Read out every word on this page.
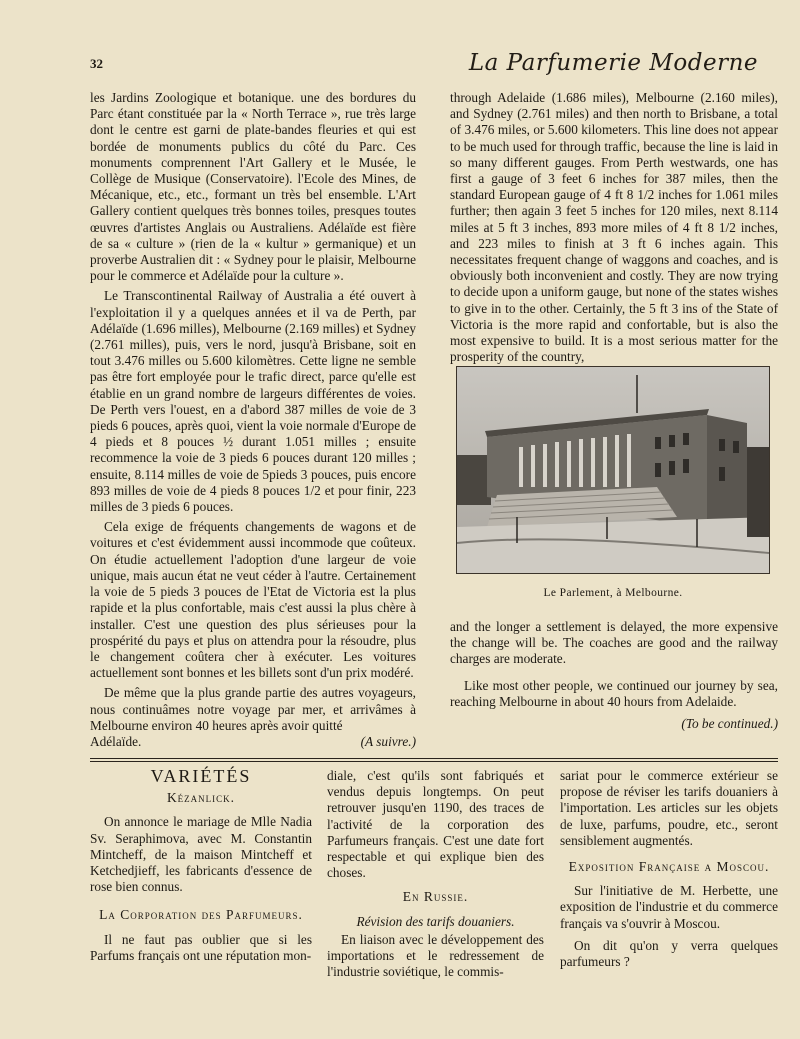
32	La Parfumerie Moderne

les Jardins Zoologique et botanique. une des bordures du Parc étant constituée par la « North Terrace », rue très large dont le centre est garni de plate-bandes fleuries et qui est bordée de monuments publics du côté du Parc. Ces monuments comprennent l'Art Gallery et le Musée, le Collège de Musique (Conservatoire). l'Ecole des Mines, de Mécanique, etc., etc., formant un très bel ensemble. L'Art Gallery contient quelques très bonnes toiles, presques toutes œuvres d'artistes Anglais ou Australiens. Adélaïde est fière de sa « culture » (rien de la « kultur » germanique) et un proverbe Australien dit : « Sydney pour le plaisir, Melbourne pour le commerce et Adélaïde pour la culture ».

Le Transcontinental Railway of Australia a été ouvert à l'exploitation il y a quelques années et il va de Perth, par Adélaïde (1.696 milles), Melbourne (2.169 milles) et Sydney (2.761 milles), puis, vers le nord, jusqu'à Brisbane, soit en tout 3.476 milles ou 5.600 kilomètres. Cette ligne ne semble pas être fort employée pour le trafic direct, parce qu'elle est établie en un grand nombre de largeurs différentes de voies. De Perth vers l'ouest, en a d'abord 387 milles de voie de 3 pieds 6 pouces, après quoi, vient la voie normale d'Europe de 4 pieds et 8 pouces ½ durant 1.051 milles ; ensuite recommence la voie de 3 pieds 6 pouces durant 120 milles ; ensuite, 8.114 milles de voie de 5pieds 3 pouces, puis encore 893 milles de voie de 4 pieds 8 pouces 1/2 et pour finir, 223 milles de 3 pieds 6 pouces.

Cela exige de fréquents changements de wagons et de voitures et c'est évidemment aussi incommode que coûteux. On étudie actuellement l'adoption d'une largeur de voie unique, mais aucun état ne veut céder à l'autre. Certainement la voie de 5 pieds 3 pouces de l'Etat de Victoria est la plus rapide et la plus confortable, mais c'est aussi la plus chère à installer. C'est une question des plus sérieuses pour la prospérité du pays et plus on attendra pour la résoudre, plus le changement coûtera cher à exécuter. Les voitures actuellement sont bonnes et les billets sont d'un prix modéré.

De même que la plus grande partie des autres voyageurs, nous continuâmes notre voyage par mer, et arrivâmes à Melbourne environ 40 heures après avoir quitté

Adélaïde.	(A suivre.)

through Adelaide (1.686 miles), Melbourne (2.160 miles), and Sydney (2.761 miles) and then north to Brisbane, a total of 3.476 miles, or 5.600 kilometers. This line does not appear to be much used for through traffic, because the line is laid in so many different gauges. From Perth westwards, one has first a gauge of 3 feet 6 inches for 387 miles, then the standard European gauge of 4 ft 8 1/2 inches for 1.061 miles further; then again 3 feet 5 inches for 120 miles, next 8.114 miles at 5 ft 3 inches, 893 more miles of 4 ft 8 1/2 inches, and 223 miles to finish at 3 ft 6 inches again. This necessitates frequent change of waggons and coaches, and is obviously both inconvenient and costly. They are now trying to decide upon a uniform gauge, but none of the states wishes to give in to the other. Certainly, the 5 ft 3 ins of the State of Victoria is the more rapid and confortable, but is also the most expensive to build. It is a most serious matter for the prosperity of the country,

Le Parlement, à Melbourne.

and the longer a settlement is delayed, the more expensive the change will be. The coaches are good and the railway charges are moderate.

Like most other people, we continued our journey by sea, reaching Melbourne in about 40 hours from Adelaide.

(To be continued.)
VARIÉTÉS
Kézanlick.

On annonce le mariage de Mlle Nadia Sv. Seraphimova, avec M. Constantin Mintcheff, de la maison Mintcheff et Ketchedjieff, les fabricants d'essence de rose bien connus.

La Corporation des Parfumeurs.

Il ne faut pas oublier que si les Parfums français ont une réputation mon-

diale, c'est qu'ils sont fabriqués et vendus depuis longtemps. On peut retrouver jusqu'en 1190, des traces de l'activité de la corporation des Parfumeurs français. C'est une date fort respectable et qui explique bien des choses.

En Russie.
Révision des tarifs douaniers.

En liaison avec le développement des importations et le redressement de l'industrie soviétique, le commis-

sariat pour le commerce extérieur se propose de réviser les tarifs douaniers à l'importation. Les articles sur les objets de luxe, parfums, poudre, etc., seront sensiblement augmentés.

Exposition Française a Moscou.

Sur l'initiative de M. Herbette, une exposition de l'industrie et du commerce français va s'ouvrir à Moscou.

On dit qu'on y verra quelques parfumeurs ?
